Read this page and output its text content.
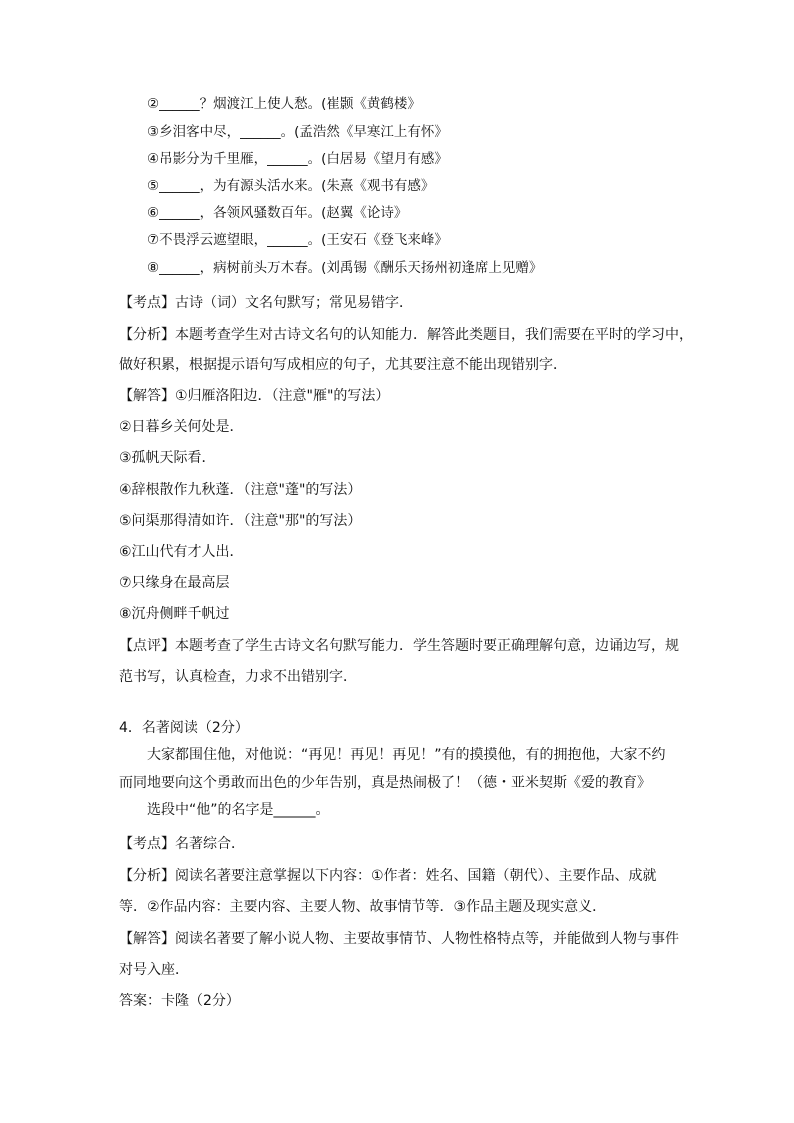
②______？烟渡江上使人愁。(崔颢《黄鹤楼》
③乡泪客中尽，______。(孟浩然《早寒江上有怀》
④吊影分为千里雁，______。(白居易《望月有感》
⑤______，为有源头活水来。(朱熹《观书有感》
⑥______，各领风骚数百年。(赵翼《论诗》
⑦不畏浮云遮望眼，______。(王安石《登飞来峰》
⑧______，病树前头万木春。(刘禹锡《酬乐天扬州初逢席上见赠》
【考点】古诗（词）文名句默写；常见易错字．
【分析】本题考查学生对古诗文名句的认知能力．解答此类题目，我们需要在平时的学习中，
做好积累，根据提示语句写成相应的句子，尤其要注意不能出现错别字．
【解答】①归雁洛阳边．（注意"雁"的写法）
②日暮乡关何处是．
③孤帆天际看．
④辞根散作九秋蓬．（注意"蓬"的写法）
⑤问渠那得清如许．（注意"那"的写法）
⑥江山代有才人出．
⑦只缘身在最高层
⑧沉舟侧畔千帆过
【点评】本题考查了学生古诗文名句默写能力．学生答题时要正确理解句意，边诵边写，规
范书写，认真检查，力求不出错别字．
4．名著阅读（2分）
大家都围住他，对他说：“再见！再见！再见！”有的摸摸他，有的拥抱他，大家不约
而同地要向这个勇敢而出色的少年告别，真是热闹极了！（德・亚米契斯《爱的教育》
选段中“他”的名字是______。
【考点】名著综合．
【分析】阅读名著要注意掌握以下内容：①作者：姓名、国籍（朝代）、主要作品、成就
等．②作品内容：主要内容、主要人物、故事情节等．③作品主题及现实意义．
【解答】阅读名著要了解小说人物、主要故事情节、人物性格特点等，并能做到人物与事件
对号入座．
答案：卡隆（2分）
